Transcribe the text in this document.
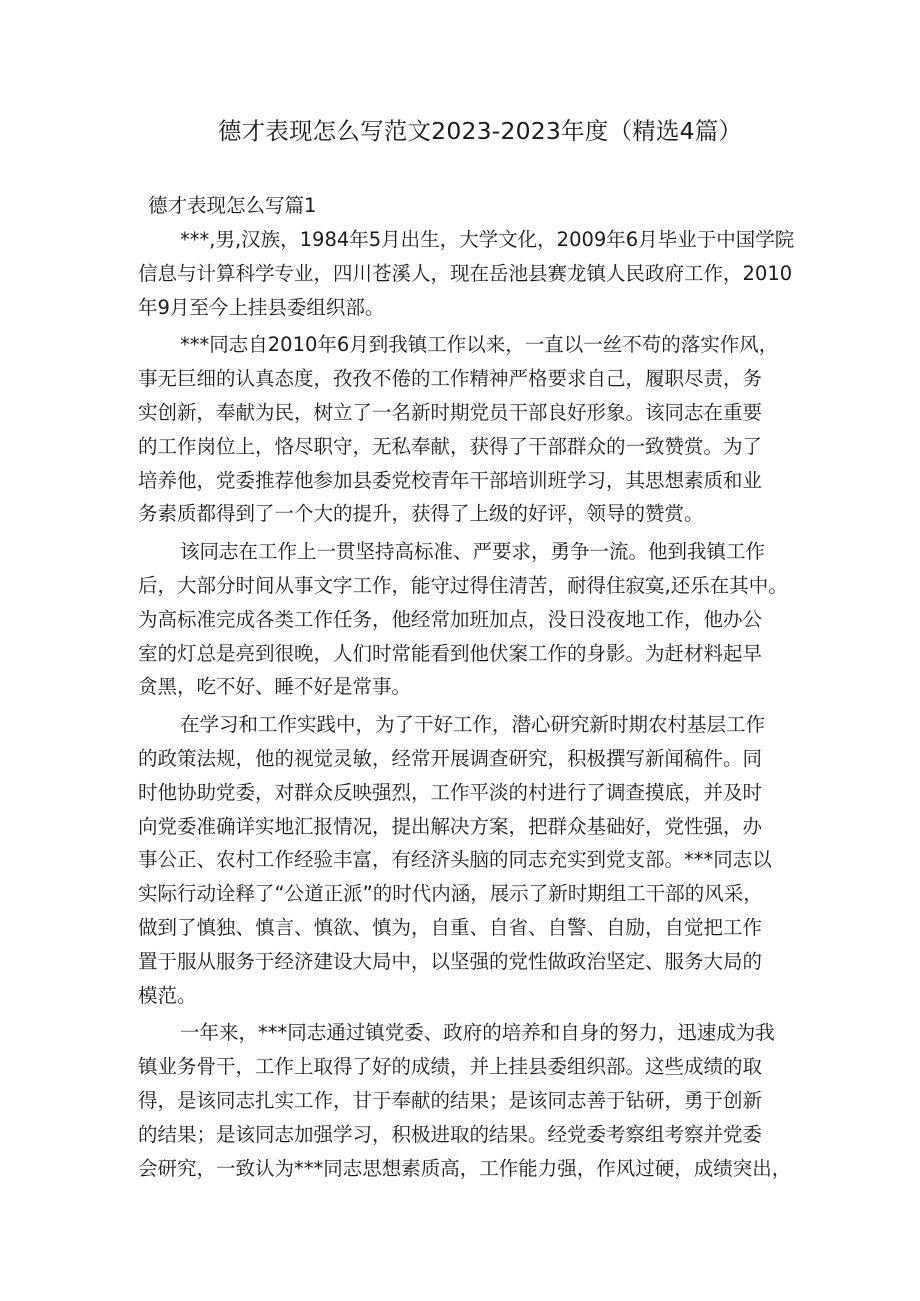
德才表现怎么写范文2023-2023年度（精选4篇）
德才表现怎么写篇1
***,男,汉族，1984年5月出生，大学文化，2009年6月毕业于中国学院
信息与计算科学专业，四川苍溪人，现在岳池县赛龙镇人民政府工作，2010
年9月至今上挂县委组织部。
***同志自2010年6月到我镇工作以来，一直以一丝不苟的落实作风，
事无巨细的认真态度，孜孜不倦的工作精神严格要求自己，履职尽责，务
实创新，奉献为民，树立了一名新时期党员干部良好形象。该同志在重要
的工作岗位上，恪尽职守，无私奉献，获得了干部群众的一致赞赏。为了
培养他，党委推荐他参加县委党校青年干部培训班学习，其思想素质和业
务素质都得到了一个大的提升，获得了上级的好评，领导的赞赏。
该同志在工作上一贯坚持高标准、严要求，勇争一流。他到我镇工作
后，大部分时间从事文字工作，能守过得住清苦，耐得住寂寞,还乐在其中。
为高标准完成各类工作任务，他经常加班加点，没日没夜地工作，他办公
室的灯总是亮到很晚，人们时常能看到他伏案工作的身影。为赶材料起早
贪黑，吃不好、睡不好是常事。
在学习和工作实践中，为了干好工作，潜心研究新时期农村基层工作
的政策法规，他的视觉灵敏，经常开展调查研究，积极撰写新闻稿件。同
时他协助党委，对群众反映强烈，工作平淡的村进行了调查摸底，并及时
向党委准确详实地汇报情况，提出解决方案，把群众基础好，党性强，办
事公正、农村工作经验丰富，有经济头脑的同志充实到党支部。***同志以
实际行动诠释了“公道正派”的时代内涵，展示了新时期组工干部的风采，
做到了慎独、慎言、慎欲、慎为，自重、自省、自警、自励，自觉把工作
置于服从服务于经济建设大局中，以坚强的党性做政治坚定、服务大局的
模范。
一年来，***同志通过镇党委、政府的培养和自身的努力，迅速成为我
镇业务骨干，工作上取得了好的成绩，并上挂县委组织部。这些成绩的取
得，是该同志扎实工作，甘于奉献的结果；是该同志善于钻研，勇于创新
的结果；是该同志加强学习，积极进取的结果。经党委考察组考察并党委
会研究，一致认为***同志思想素质高，工作能力强，作风过硬，成绩突出，
